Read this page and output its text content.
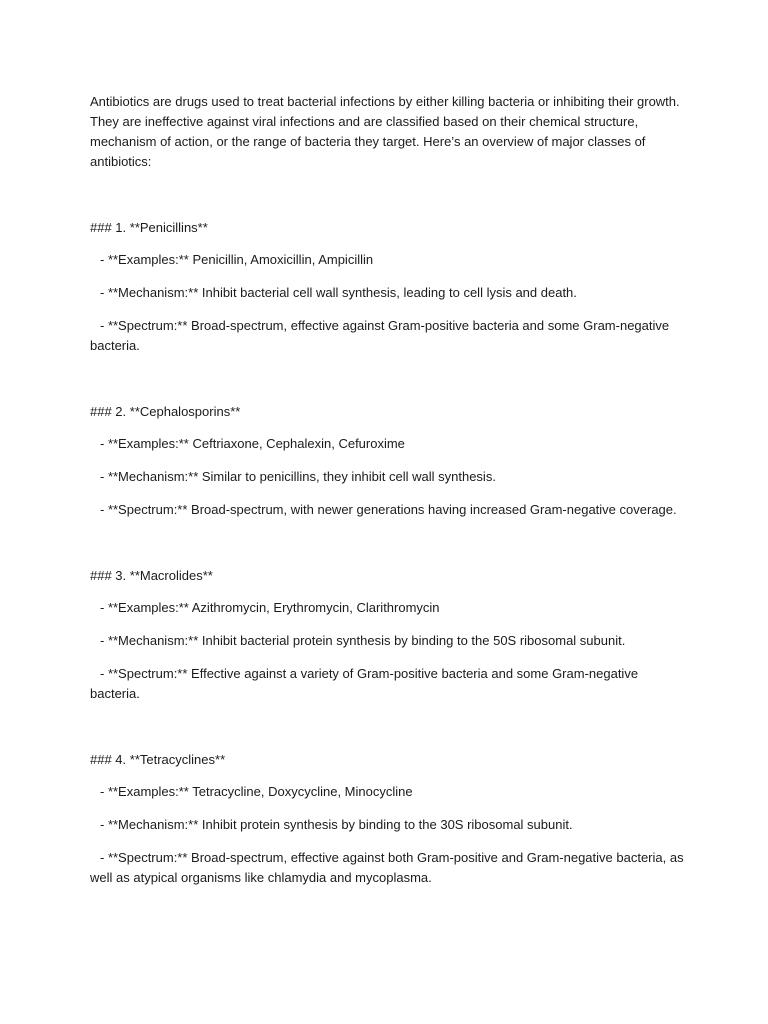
Antibiotics are drugs used to treat bacterial infections by either killing bacteria or inhibiting their growth.
They are ineffective against viral infections and are classified based on their chemical structure,
mechanism of action, or the range of bacteria they target. Here’s an overview of major classes of
antibiotics:

### 1. **Penicillins**

- **Examples:** Penicillin, Amoxicillin, Ampicillin

- **Mechanism:** Inhibit bacterial cell wall synthesis, leading to cell lysis and death.

- **Spectrum:** Broad-spectrum, effective against Gram-positive bacteria and some Gram-negative
bacteria.

### 2. **Cephalosporins**

- **Examples:** Ceftriaxone, Cephalexin, Cefuroxime

- **Mechanism:** Similar to penicillins, they inhibit cell wall synthesis.

- **Spectrum:** Broad-spectrum, with newer generations having increased Gram-negative coverage.

### 3. **Macrolides**

- **Examples:** Azithromycin, Erythromycin, Clarithromycin

- **Mechanism:** Inhibit bacterial protein synthesis by binding to the 50S ribosomal subunit.

- **Spectrum:** Effective against a variety of Gram-positive bacteria and some Gram-negative
bacteria.

### 4. **Tetracyclines**

- **Examples:** Tetracycline, Doxycycline, Minocycline

- **Mechanism:** Inhibit protein synthesis by binding to the 30S ribosomal subunit.

- **Spectrum:** Broad-spectrum, effective against both Gram-positive and Gram-negative bacteria, as
well as atypical organisms like chlamydia and mycoplasma.
